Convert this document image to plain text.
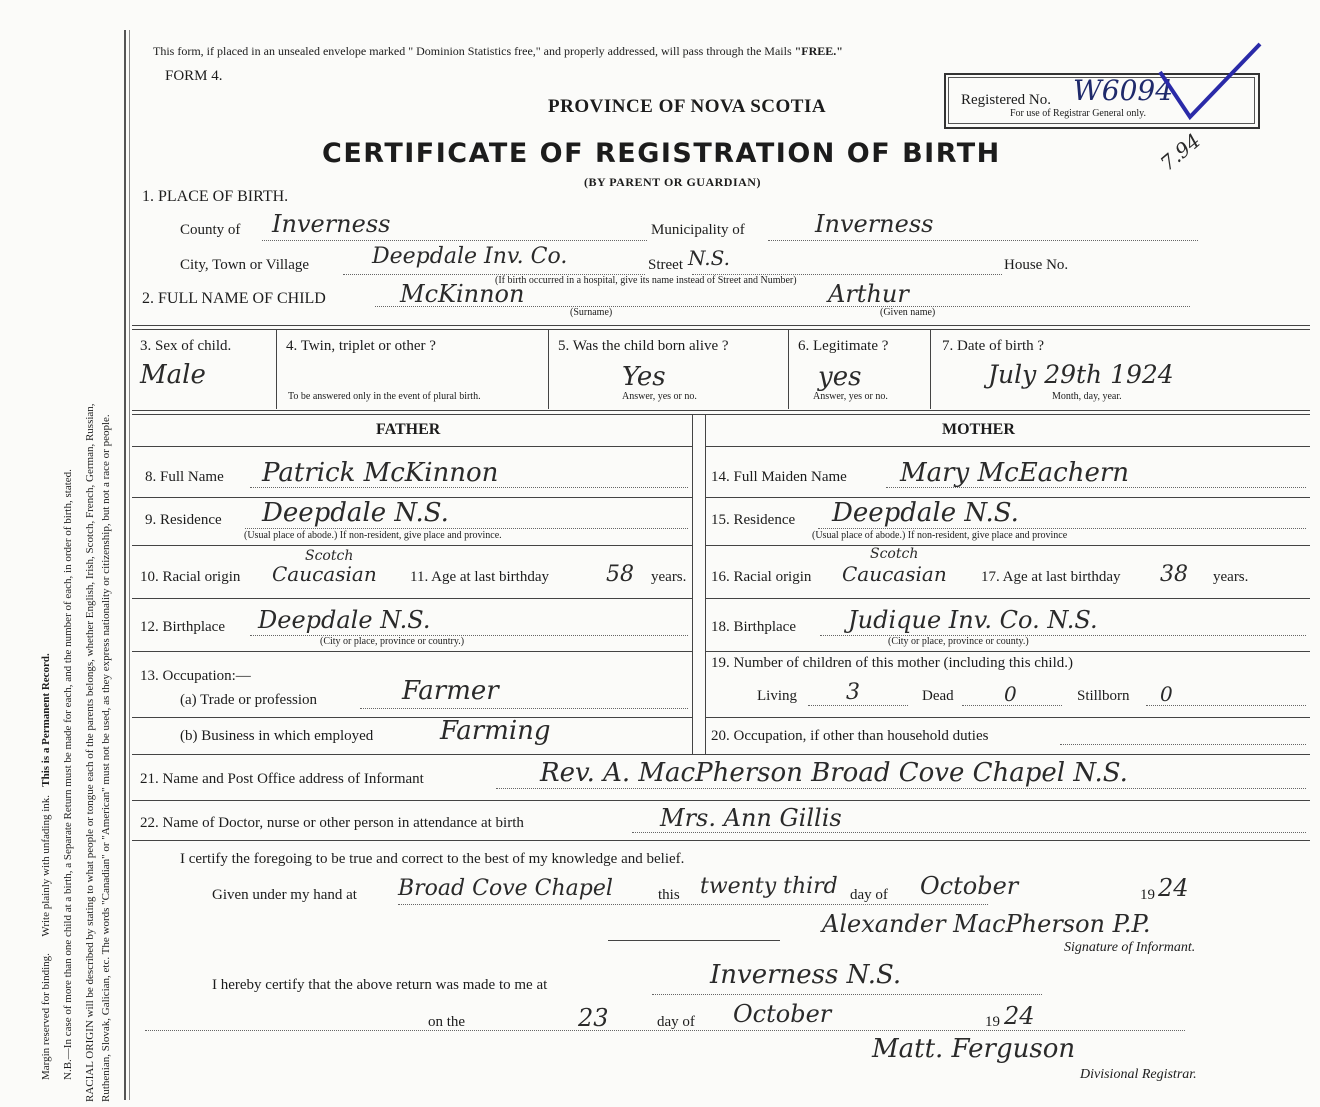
Margin reserved for binding.      Write plainly with unfading ink.   This is a Permanent Record. N.B.—In case of more than one child at a birth, a Separate Return must be made for each, and the number of each, in order of birth, stated. RACIAL ORIGIN will be described by stating to what people or tongue each of the parents belongs, whether English, Irish, Scotch, French, German, Russian, Ruthenian, Slovak, Galician, etc. The words "Canadian" or "American" must not be used, as they express nationality or citizenship, but not a race or people.
This form, if placed in an unsealed envelope marked " Dominion Statistics free," and properly addressed, will pass through the Mails "FREE."
FORM 4.
PROVINCE OF NOVA SCOTIA
CERTIFICATE OF REGISTRATION OF BIRTH
(BY PARENT OR GUARDIAN)
Registered No. W6094
For use of Registrar General only.
7.94
1. PLACE OF BIRTH.
County of Inverness	Municipality of	Inverness
City, Town or Village	Deepdale Inv. Co.	Street N.S.	House No.
(If birth occurred in a hospital, give its name instead of Street and Number)
2. FULL NAME OF CHILD	McKinnon
(Surname)
Arthur
(Given name)
3. Sex of child.
Male
4. Twin, triplet or other ?
To be answered only in the event of plural birth.
5. Was the child born alive ?
Yes
Answer, yes or no.
6. Legitimate ?
yes
Answer, yes or no.
7. Date of birth ?
July 29th 1924
Month, day, year.
FATHER	MOTHER
8. Full Name Patrick McKinnon
9. Residence Deepdale N.S.
(Usual place of abode.) If non-resident, give place and province.
10. Racial origin
Scotch
Caucasian 11. Age at last birthday	58 years.
12. Birthplace Deepdale N.S.
(City or place, province or country.)
13. Occupation:—
(a) Trade or profession	Farmer
(b) Business in which employed	Farming
14. Full Maiden Name Mary McEachern
15. Residence Deepdale N.S.
(Usual place of abode.) If non-resident, give place and province
16. Racial origin
Scotch
Caucasian 17. Age at last birthday 38 years.
18. Birthplace Judique Inv. Co. N.S.
(City or place, province or county.)
19. Number of children of this mother (including this child.)
Living 3	Dead	0	Stillborn 0
20. Occupation, if other than household duties
21. Name and Post Office address of Informant	Rev. A. MacPherson Broad Cove Chapel N.S.
22. Name of Doctor, nurse or other person in attendance at birth	Mrs. Ann Gillis
I certify the foregoing to be true and correct to the best of my knowledge and belief.
Given under my hand at Broad Cove Chapel	this twenty third day of October	19 24
Alexander MacPherson P.P.
Signature of Informant.
I hereby certify that the above return was made to me at	Inverness N.S.
on the	23	day of October	19 24
Matt. Ferguson
Divisional Registrar.
